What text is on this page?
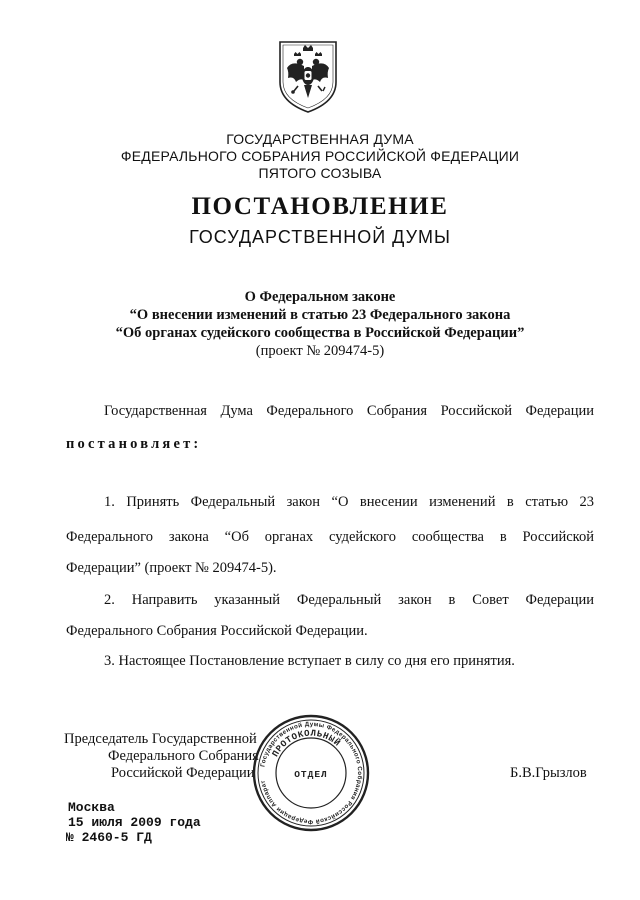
ГОСУДАРСТВЕННАЯ ДУМА
ФЕДЕРАЛЬНОГО СОБРАНИЯ РОССИЙСКОЙ ФЕДЕРАЦИИ
ПЯТОГО СОЗЫВА
ПОСТАНОВЛЕНИЕ
ГОСУДАРСТВЕННОЙ ДУМЫ
О Федеральном законе
“О внесении изменений в статью 23 Федерального закона
“Об органах судейского сообщества в Российской Федерации”
(проект № 209474-5)
Государственная Дума Федерального Собрания Российской Федерации
постановляет:
1. Принять Федеральный закон “О внесении изменений в статью 23
Федерального закона “Об органах судейского сообщества в Российской
Федерации” (проект № 209474-5).
2. Направить указанный Федеральный закон в Совет Федерации
Федерального Собрания Российской Федерации.
3. Настоящее Постановление вступает в силу со дня его принятия.
Председатель Государственной
Федерального Собрания
Российской Федерации	Б.В.Грызлов
Государственной Думы Федерального Собрания Российской Федерации Аппарат
ПРОТОКОЛЬНЫЙ
ОТДЕЛ
Москва
15 июля 2009 года
№ 2460-5 ГД
